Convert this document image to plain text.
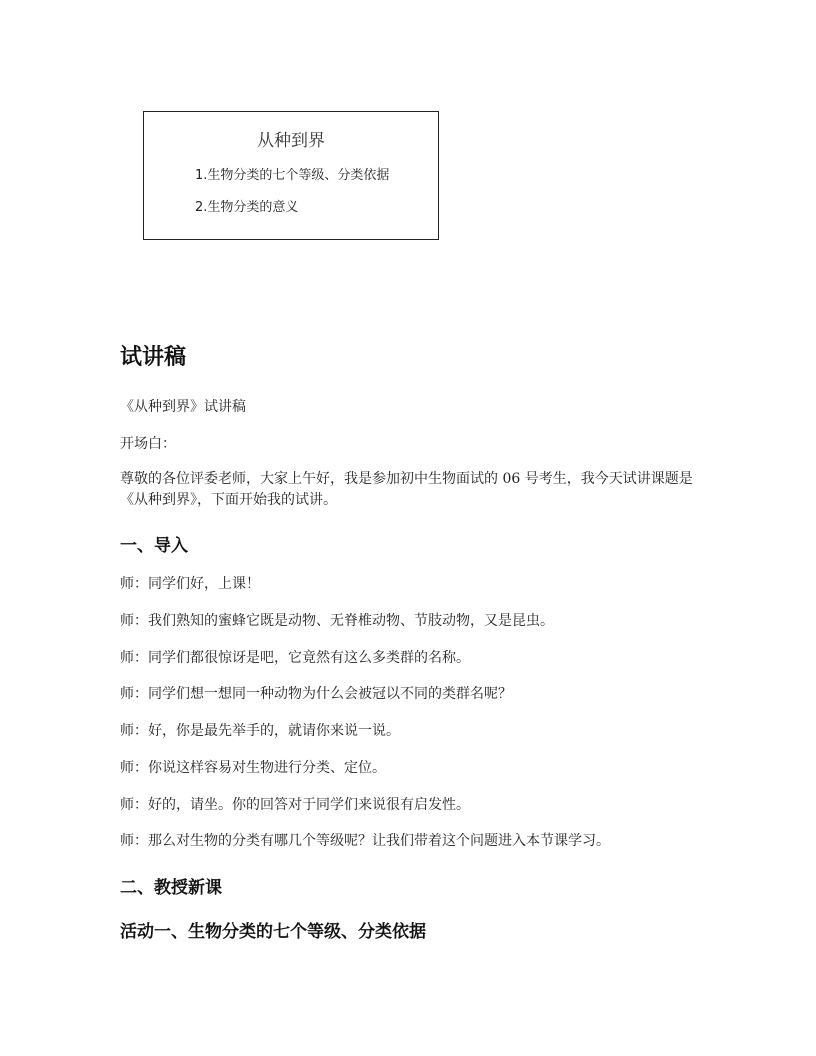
从种到界
1.生物分类的七个等级、分类依据
2.生物分类的意义
试讲稿

《从种到界》试讲稿

开场白：

尊敬的各位评委老师，大家上午好，我是参加初中生物面试的 06 号考生，我今天试讲课题是《从种到界》，下面开始我的试讲。

一、导入

师：同学们好，上课！

师：我们熟知的蜜蜂它既是动物、无脊椎动物、节肢动物，又是昆虫。

师：同学们都很惊讶是吧，它竟然有这么多类群的名称。

师：同学们想一想同一种动物为什么会被冠以不同的类群名呢？

师：好，你是最先举手的，就请你来说一说。

师：你说这样容易对生物进行分类、定位。

师：好的，请坐。你的回答对于同学们来说很有启发性。

师：那么对生物的分类有哪几个等级呢？让我们带着这个问题进入本节课学习。

二、教授新课
活动一、生物分类的七个等级、分类依据
